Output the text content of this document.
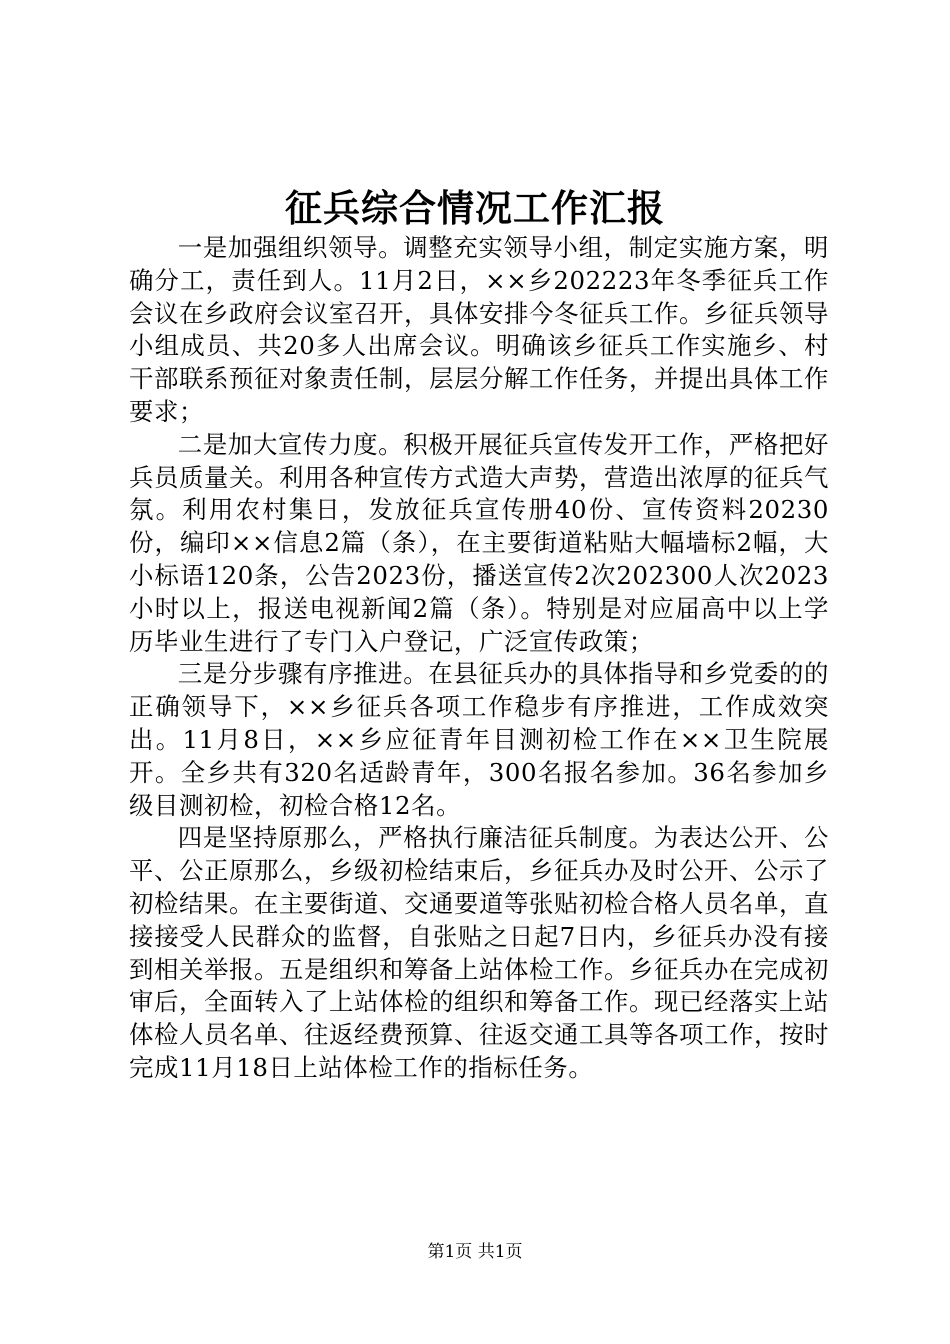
征兵综合情况工作汇报

一是加强组织领导。调整充实领导小组，制定实施方案，明确分工，责任到人。11月2日，××乡202223年冬季征兵工作会议在乡政府会议室召开，具体安排今冬征兵工作。乡征兵领导小组成员、共20多人出席会议。明确该乡征兵工作实施乡、村干部联系预征对象责任制，层层分解工作任务，并提出具体工作要求；

二是加大宣传力度。积极开展征兵宣传发开工作，严格把好兵员质量关。利用各种宣传方式造大声势，营造出浓厚的征兵气氛。利用农村集日，发放征兵宣传册40份、宣传资料20230份，编印××信息2篇（条），在主要街道粘贴大幅墙标2幅，大小标语120条，公告2023份，播送宣传2次202300人次2023小时以上，报送电视新闻2篇（条）。特别是对应届高中以上学历毕业生进行了专门入户登记，广泛宣传政策；

三是分步骤有序推进。在县征兵办的具体指导和乡党委的的正确领导下，××乡征兵各项工作稳步有序推进，工作成效突出。11月8日，××乡应征青年目测初检工作在××卫生院展开。全乡共有320名适龄青年，300名报名参加。36名参加乡级目测初检，初检合格12名。

四是坚持原那么，严格执行廉洁征兵制度。为表达公开、公平、公正原那么，乡级初检结束后，乡征兵办及时公开、公示了初检结果。在主要街道、交通要道等张贴初检合格人员名单，直接接受人民群众的监督，自张贴之日起7日内，乡征兵办没有接到相关举报。五是组织和筹备上站体检工作。乡征兵办在完成初审后，全面转入了上站体检的组织和筹备工作。现已经落实上站体检人员名单、往返经费预算、往返交通工具等各项工作，按时完成11月18日上站体检工作的指标任务。

第1页 共1页
